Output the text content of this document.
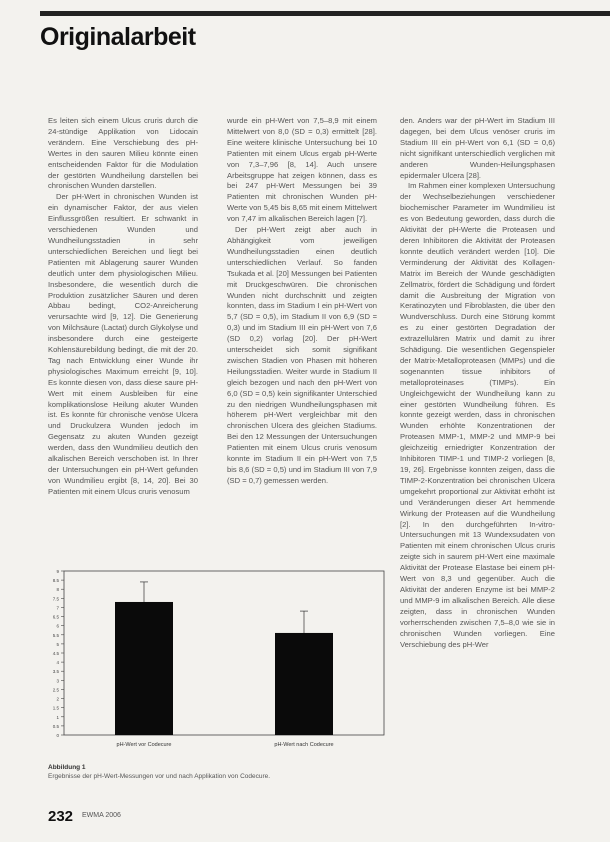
Originalarbeit

Es leiten sich einem Ulcus cruris durch die 24-stündige Applikation von Lidocain verändern. Eine Verschiebung des pH-Wertes in den sauren Milieu könnte einen entscheidenden Faktor für die Modulation der gestörten Wundheilung darstellen bei chronischen Wunden darstellen.

Der pH-Wert in chronischen Wunden ist ein dynamischer Faktor, der aus vielen Einflussgrößen resultiert. Er schwankt in verschiedenen Wunden und Wundheilungsstadien in sehr unterschiedlichen Bereichen und liegt bei Patienten mit Ablagerung saurer Wunden deutlich unter dem physiologischen Milieu. Insbesondere, die wesentlich durch die Produktion zusätzlicher Säuren und deren Abbau bedingt, CO2-Anreicherung verursachte wird [9, 12]. Die Generierung von Milchsäure (Lactat) durch Glykolyse und insbesondere durch eine gesteigerte Kohlensäurebildung bedingt, die mit der 20. Tag nach Entwicklung einer Wunde ihr physiologisches Maximum erreicht [9, 10]. Es konnte diesen von, dass diese saure pH-Wert mit einem Ausbleiben für eine komplikationslose Heilung akuter Wunden ist. Es konnte für chronische venöse Ulcera und Druckulzera Wunden jedoch im Gegensatz zu akuten Wunden gezeigt werden, dass den Wundmilieu deutlich den alkalischen Bereich verschoben ist. In Ihrer der Untersuchungen ein pH-Wert gefunden von Wundmilieu ergibt [8, 14, 20]. Bei 30 Patienten mit einem Ulcus cruris venosum

wurde ein pH-Wert von 7,5–8,9 mit einem Mittelwert von 8,0 (SD = 0,3) ermittelt [28]. Eine weitere klinische Untersuchung bei 10 Patienten mit einem Ulcus ergab pH-Werte von 7,3–7,96 [8, 14]. Auch unsere Arbeitsgruppe hat zeigen können, dass es bei 247 pH-Wert Messungen bei 39 Patienten mit chronischen Wunden pH-Werte von 5,45 bis 8,65 mit einem Mittelwert von 7,47 im alkalischen Bereich lagen [7].

Der pH-Wert zeigt aber auch in Abhängigkeit vom jeweiligen Wundheilungsstadien einen deutlich unterschiedlichen Verlauf. So fanden Tsukada et al. [20] Messungen bei Patienten mit Druckgeschwüren. Die chronischen Wunden nicht durchschnitt und zeigten konnten, dass im Stadium I ein pH-Wert von 5,7 (SD = 0,5), im Stadium II von 6,9 (SD = 0,3) und im Stadium III ein pH-Wert von 7,6 (SD 0,2) vorlag [20]. Der pH-Wert unterscheidet sich somit signifikant zwischen Stadien von Phasen mit höheren Heilungsstadien. Weiter wurde in Stadium II gleich bezogen und nach den pH-Wert von 6,0 (SD = 0,5) kein signifikanter Unterschied zu den niedrigen Wundheilungsphasen mit höherem pH-Wert vergleichbar mit den chronischen Ulcera des gleichen Stadiums. Bei den 12 Messungen der Untersuchungen Patienten mit einem Ulcus cruris venosum konnte im Stadium II ein pH-Wert von 7,5 bis 8,6 (SD = 0,5) und im Stadium III von 7,9 (SD = 0,7) gemessen werden.

den. Anders war der pH-Wert im Stadium III dagegen, bei dem Ulcus venöser cruris im Stadium III ein pH-Wert von 6,1 (SD = 0,6) nicht signifikant unterschiedlich verglichen mit anderen Wunden-Heilungsphasen epidermaler Ulcera [28].

Im Rahmen einer komplexen Untersuchung der Wechselbeziehungen verschiedener biochemischer Parameter im Wundmilieu ist es von Bedeutung geworden, dass durch die Aktivität der pH-Werte die Proteasen und deren Inhibitoren die Aktivität der Proteasen konnte deutlich verändert werden [10]. Die Verminderung der Aktivität des Kollagen-Matrix im Bereich der Wunde geschädigten Zellmatrix, fördert die Schädigung und fördert damit die Ausbreitung der Migration von Keratinozyten und Fibroblasten, die über den Wundverschluss. Durch eine Störung kommt es zu einer gestörten Degradation der extrazellulären Matrix und damit zu ihrer Schädigung. Die wesentlichen Gegenspieler der Matrix-Metalloproteasen (MMPs) und die sogenannten tissue inhibitors of metalloproteinases (TIMPs). Ein Ungleichgewicht der Wundheilung kann zu einer gestörten Wundheilung führen. Es konnte gezeigt werden, dass in chronischen Wunden erhöhte Konzentrationen der Proteasen MMP-1, MMP-2 und MMP-9 bei gleichzeitig erniedrigter Konzentration der Inhibitoren TIMP-1 und TIMP-2 vorliegen [8, 19, 26]. Ergebnisse konnten zeigen, dass die TIMP-2-Konzentration bei chronischen Ulcera umgekehrt proportional zur Aktivität erhöht ist und Veränderungen dieser Art hemmende Wirkung der Proteasen auf die Wundheilung [2]. In den durchgeführten In-vitro-Untersuchungen mit 13 Wundexsudaten von Patienten mit einem chronischen Ulcus cruris zeigte sich in saurem pH-Wert eine maximale Aktivität der Protease Elastase bei einem pH-Wert von 8,3 und gegenüber. Auch die Aktivität der anderen Enzyme ist bei MMP-2 und MMP-9 im alkalischen Bereich. Alle diese zeigten, dass in chronischen Wunden vorherrschenden zwischen 7,5–8,0 wie sie in chronischen Wunden vorliegen. Eine Verschiebung des pH-Wer

0
0.5
1
1.5
2
2.5
3
3.5
4
4.5
5
5.5
6
6.5
7
7.5
8
8.5
9
pH-Wert vor Codecure	pH-Wert nach Codecure
Abbildung 1
Ergebnisse der pH-Wert-Messungen vor und nach Applikation von Codecure.
232 EWMA 2006
